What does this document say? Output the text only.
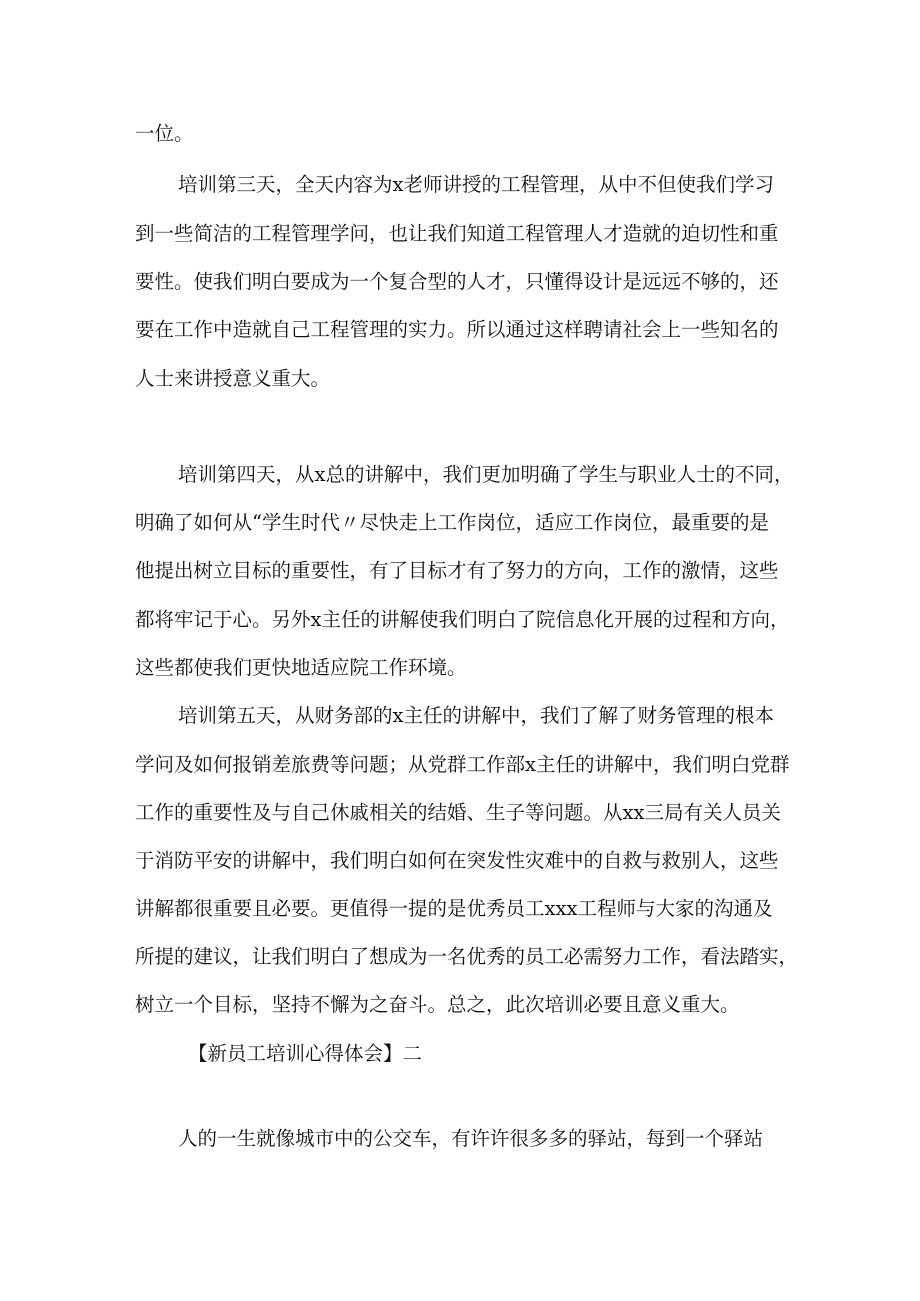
一位。
培训第三天，全天内容为x老师讲授的工程管理，从中不但使我们学习
到一些简洁的工程管理学问，也让我们知道工程管理人才造就的迫切性和重
要性。使我们明白要成为一个复合型的人才，只懂得设计是远远不够的，还
要在工作中造就自己工程管理的实力。所以通过这样聘请社会上一些知名的
人士来讲授意义重大。
培训第四天，从x总的讲解中，我们更加明确了学生与职业人士的不同，
明确了如何从“学生时代〃尽快走上工作岗位，适应工作岗位，最重要的是
他提出树立目标的重要性，有了目标才有了努力的方向，工作的激情，这些
都将牢记于心。另外x主任的讲解使我们明白了院信息化开展的过程和方向，
这些都使我们更快地适应院工作环境。
培训第五天，从财务部的x主任的讲解中，我们了解了财务管理的根本
学问及如何报销差旅费等问题；从党群工作部x主任的讲解中，我们明白党群
工作的重要性及与自己休戚相关的结婚、生子等问题。从xx三局有关人员关
于消防平安的讲解中，我们明白如何在突发性灾难中的自救与救别人，这些
讲解都很重要且必要。更值得一提的是优秀员工xxx工程师与大家的沟通及
所提的建议，让我们明白了想成为一名优秀的员工必需努力工作，看法踏实，
树立一个目标，坚持不懈为之奋斗。总之，此次培训必要且意义重大。
【新员工培训心得体会】二
人的一生就像城市中的公交车，有许许很多多的驿站，每到一个驿站
